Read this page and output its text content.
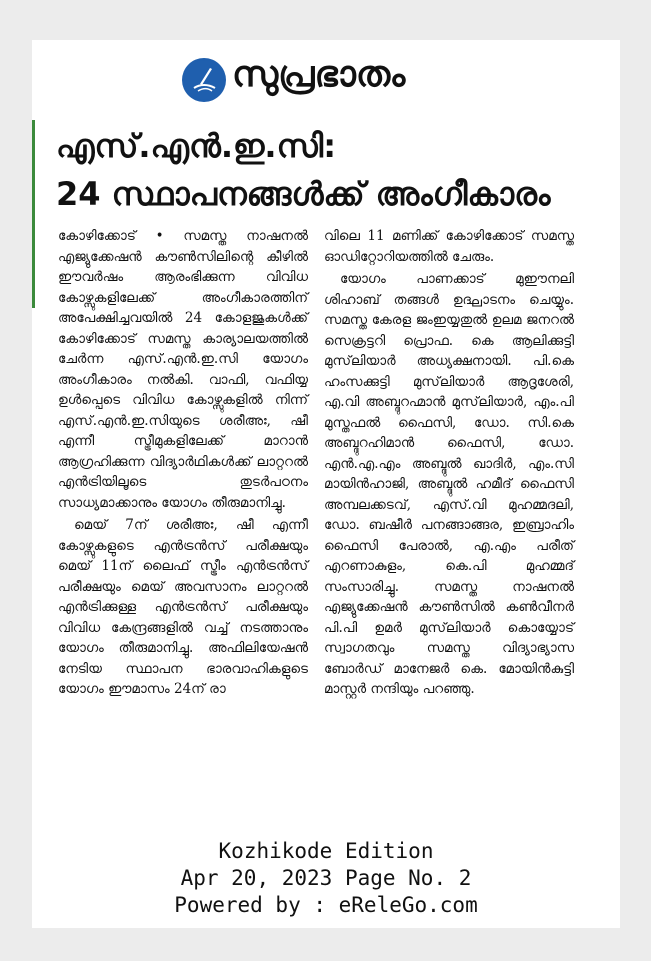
സുപ്രഭാതം
എസ്.എൻ.ഇ.സി:
24 സ്ഥാപനങ്ങൾക്ക് അംഗീകാരം

കോഴിക്കോട് • സമസ്ത നാഷനൽ എജ്യുക്കേഷൻ കൗൺസിലിന്റെ കീഴിൽ ഈവർഷം ആരംഭിക്കുന്ന വിവിധ കോഴ്സുകളിലേക്ക് അംഗീകാരത്തിന് അപേക്ഷിച്ചവയിൽ 24 കോളജുകൾക്ക് കോഴിക്കോട് സമസ്ത കാര്യാലയത്തിൽ ചേർന്ന എസ്.എൻ.ഇ.സി യോഗം അംഗീകാരം നൽകി. വാഫി, വഫിയ്യ ഉൾപ്പെടെ വിവിധ കോഴ്സുകളിൽ നിന്ന് എസ്.എൻ.ഇ.സിയുടെ ശരീഅഃ, ഷീ എന്നീ സ്ട്രീമുകളിലേക്ക് മാറാൻ ആഗ്രഹിക്കുന്ന വിദ്യാർഥികൾക്ക് ലാറ്ററൽ എൻട്രിയിലൂടെ തുടർപഠനം സാധ്യമാക്കാനും യോഗം തീരുമാനിച്ചു.

മെയ് 7ന് ശരീഅഃ, ഷീ എന്നീ കോഴ്സുകളുടെ എൻട്രൻസ് പരീക്ഷയും മെയ് 11ന് ലൈഫ് സ്ട്രീം എൻട്രൻസ് പരീക്ഷയും മെയ് അവസാനം ലാറ്ററൽ എൻട്രിക്കുള്ള എൻട്രൻസ് പരീക്ഷയും വിവിധ കേന്ദ്രങ്ങളിൽ വച്ച് നടത്താനും യോഗം തീരുമാനിച്ചു. അഫിലിയേഷൻ നേടിയ സ്ഥാപന ഭാരവാഹികളുടെ യോഗം ഈമാസം 24ന് രാ

വിലെ 11 മണിക്ക് കോഴിക്കോട് സമസ്ത ഓഡിറ്റോറിയത്തിൽ ചേരും.

യോഗം പാണക്കാട് മുഈനലി ശിഹാബ് തങ്ങൾ ഉദ്ഘാടനം ചെയ്യും. സമസ്ത കേരള ജംഇയ്യതുൽ ഉലമ ജനറൽ സെക്രട്ടറി പ്രൊഫ. കെ ആലിക്കുട്ടി മുസ്‌ലിയാർ അധ്യക്ഷനായി. പി.കെ ഹംസക്കുട്ടി മുസ്‌ലിയാർ ആദൃശേരി, എ.വി അബ്ദുറഹ്മാൻ മുസ്‌ലിയാർ, എം.പി മുസ്തഫൽ ഫൈസി, ഡോ. സി.കെ അബ്ദുറഹിമാൻ ഫൈസി, ഡോ. എൻ.എ.എം അബ്ദുൽ ഖാദിർ, എം.സി മായിൻഹാജി, അബ്ദുൽ ഹമീദ് ഫൈസി അമ്പലക്കടവ്, എസ്.വി മുഹമ്മദലി, ഡോ. ബഷീർ പനങ്ങാങ്ങര, ഇബ്രാഹിം ഫൈസി പേരാൽ, എ.എം പരീത് എറണാകുളം, കെ.പി മുഹമ്മദ് സംസാരിച്ചു. സമസ്ത നാഷനൽ എജ്യുക്കേഷൻ കൗൺസിൽ കൺവീനർ പി.പി ഉമർ മുസ്‌ലിയാർ കൊയ്യോട് സ്വാഗതവും സമസ്ത വിദ്യാഭ്യാസ ബോർഡ് മാനേജർ കെ. മോയിൻകുട്ടി മാസ്റ്റർ നന്ദിയും പറഞ്ഞു.

Kozhikode Edition
Apr 20, 2023 Page No. 2
Powered by : eReleGo.com
